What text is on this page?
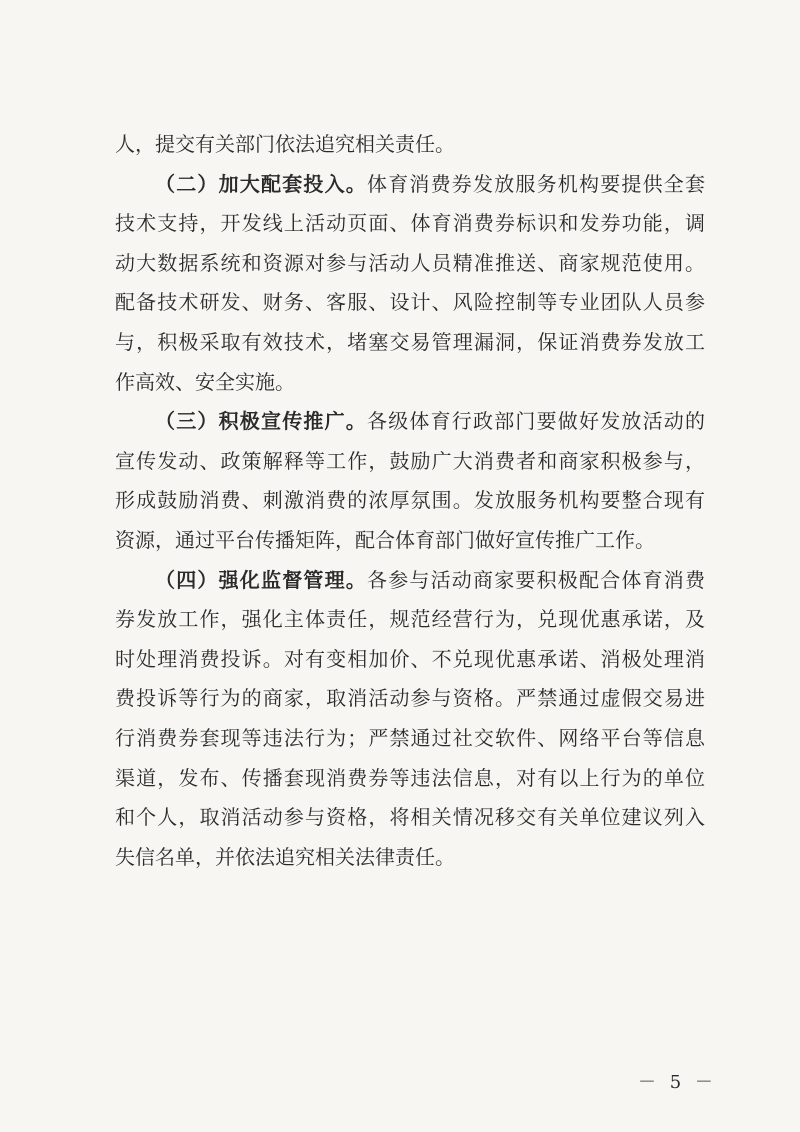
人，提交有关部门依法追究相关责任。
（二）加大配套投入。体育消费券发放服务机构要提供全套
技术支持，开发线上活动页面、体育消费券标识和发券功能，调
动大数据系统和资源对参与活动人员精准推送、商家规范使用。
配备技术研发、财务、客服、设计、风险控制等专业团队人员参
与，积极采取有效技术，堵塞交易管理漏洞，保证消费券发放工
作高效、安全实施。
（三）积极宣传推广。各级体育行政部门要做好发放活动的
宣传发动、政策解释等工作，鼓励广大消费者和商家积极参与，
形成鼓励消费、刺激消费的浓厚氛围。发放服务机构要整合现有
资源，通过平台传播矩阵，配合体育部门做好宣传推广工作。
（四）强化监督管理。各参与活动商家要积极配合体育消费
券发放工作，强化主体责任，规范经营行为，兑现优惠承诺，及
时处理消费投诉。对有变相加价、不兑现优惠承诺、消极处理消
费投诉等行为的商家，取消活动参与资格。严禁通过虚假交易进
行消费券套现等违法行为；严禁通过社交软件、网络平台等信息
渠道，发布、传播套现消费券等违法信息，对有以上行为的单位
和个人，取消活动参与资格，将相关情况移交有关单位建议列入
失信名单，并依法追究相关法律责任。
－ 5 －
